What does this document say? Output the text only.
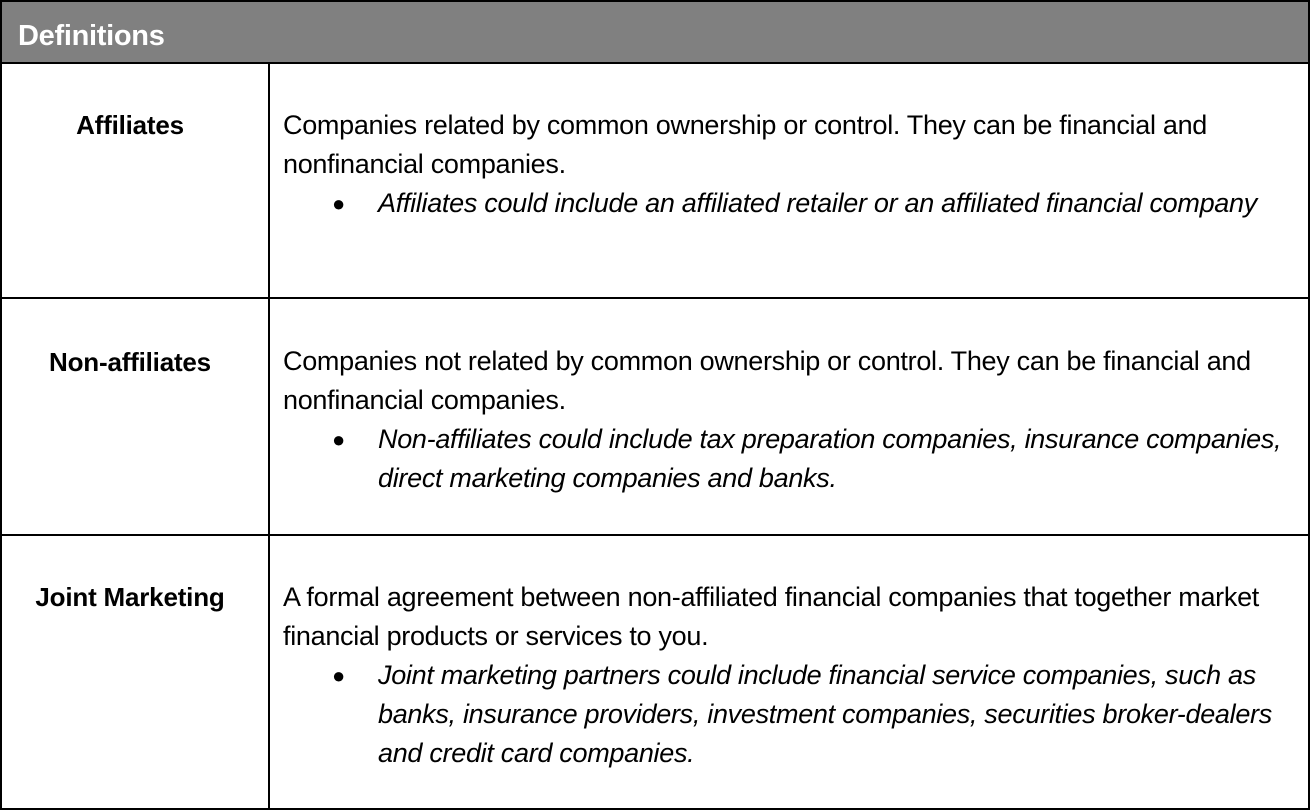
Definitions
Affiliates	Companies related by common ownership or control. They can be financial and nonfinancial companies.

● Affiliates could include an affiliated retailer or an affiliated financial company
Non-affiliates	Companies not related by common ownership or control. They can be financial and nonfinancial companies.

● Non-affiliates could include tax preparation companies, insurance companies, direct marketing companies and banks.
Joint Marketing	A formal agreement between non-affiliated financial companies that together market financial products or services to you.

● Joint marketing partners could include financial service companies, such as banks, insurance providers, investment companies, securities broker-dealers and credit card companies.
